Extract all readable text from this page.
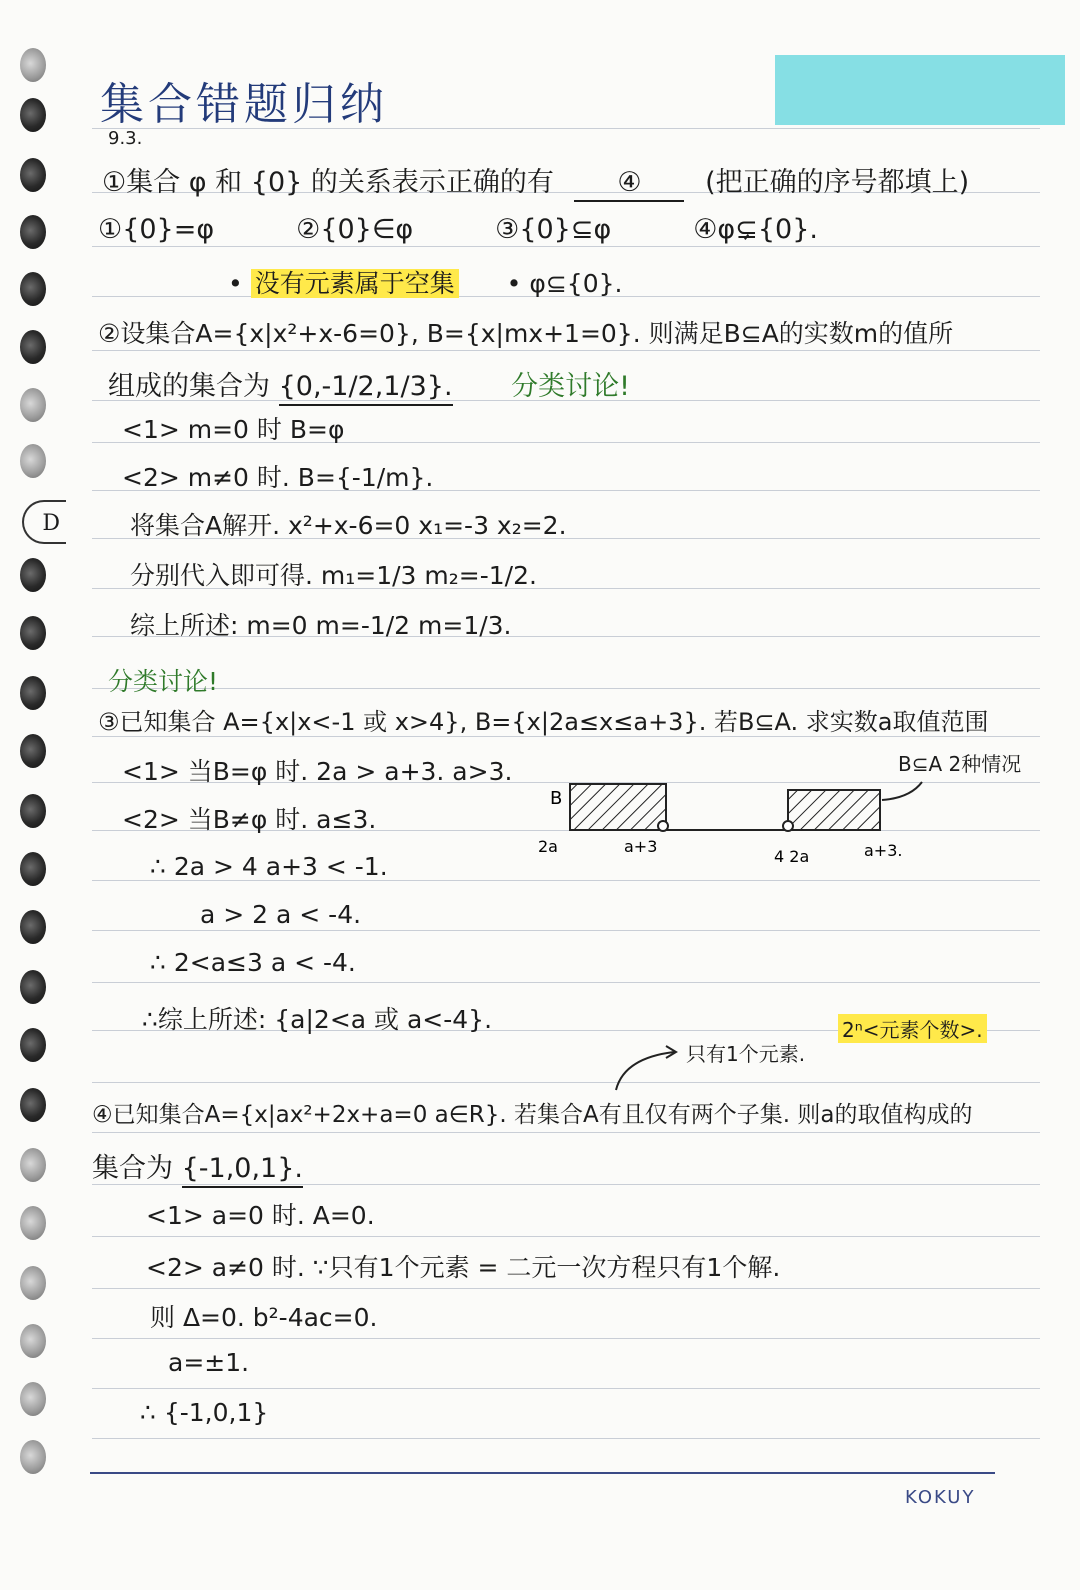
D
集合错题归纳
9.3.
①集合 φ 和 {0} 的关系表示正确的有 ④ (把正确的序号都填上)
①{0}=φ	②{0}∈φ	③{0}⊆φ	④φ⊊{0}.
• 没有元素属于空集 • φ⊆{0}.
②设集合A={x|x²+x-6=0}, B={x|mx+1=0}. 则满足B⊆A的实数m的值所
组成的集合为 {0,-1/2,1/3}. 分类讨论!
<1> m=0 时 B=φ
<2> m≠0 时. B={-1/m}.
将集合A解开. x²+x-6=0 x₁=-3 x₂=2.
分别代入即可得. m₁=1/3 m₂=-1/2.
综上所述: m=0 m=-1/2 m=1/3.
分类讨论!
③已知集合 A={x|x<-1 或 x>4}, B={x|2a≤x≤a+3}. 若B⊆A. 求实数a取值范围
B⊆A 2种情况
<1> 当B=φ 时. 2a > a+3. a>3.
<2> 当B≠φ 时. a≤3.
∴ 2a > 4 a+3 < -1.
a > 2 a < -4.
∴ 2<a≤3 a < -4.
∴综上所述: {a|2<a 或 a<-4}.
B
2a	a+3
4 2a	a+3.
只有1个元素.
2ⁿ<元素个数>.
④已知集合A={x|ax²+2x+a=0 a∈R}. 若集合A有且仅有两个子集. 则a的取值构成的
集合为 {-1,0,1}.
<1> a=0 时. A=0.
<2> a≠0 时. ∵只有1个元素 = 二元一次方程只有1个解.
则 Δ=0. b²-4ac=0.
a=±1.
∴ {-1,0,1}
KOKUY
